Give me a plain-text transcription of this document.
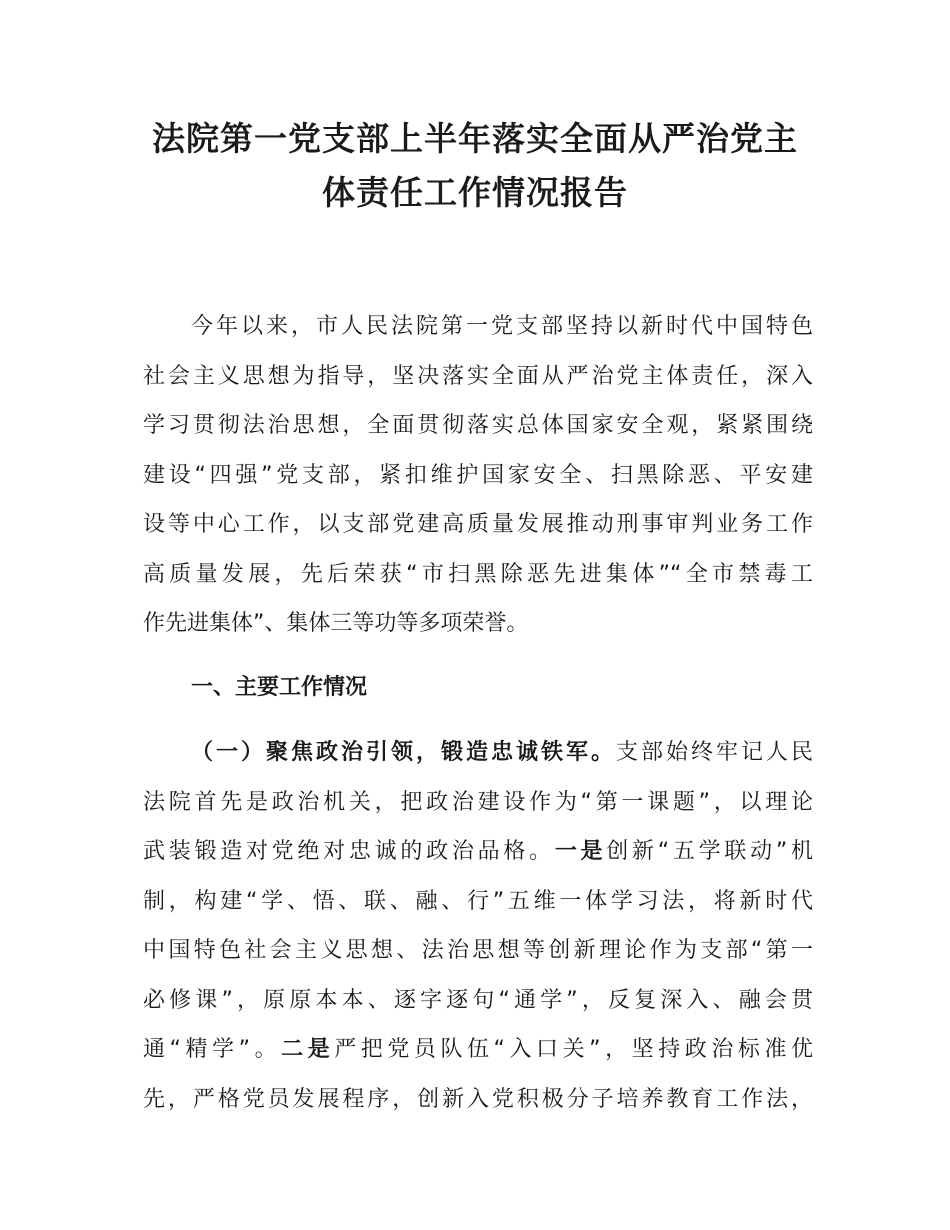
法院第一党支部上半年落实全面从严治党主
体责任工作情况报告
今年以来，市人民法院第一党支部坚持以新时代中国特色
社会主义思想为指导，坚决落实全面从严治党主体责任，深入
学习贯彻法治思想，全面贯彻落实总体国家安全观，紧紧围绕
建设“四强”党支部，紧扣维护国家安全、扫黑除恶、平安建
设等中心工作，以支部党建高质量发展推动刑事审判业务工作
高质量发展，先后荣获“市扫黑除恶先进集体”“全市禁毒工
作先进集体”、集体三等功等多项荣誉。
一、主要工作情况
（一）聚焦政治引领，锻造忠诚铁军。支部始终牢记人民
法院首先是政治机关，把政治建设作为“第一课题”，以理论
武装锻造对党绝对忠诚的政治品格。一是创新“五学联动”机
制，构建“学、悟、联、融、行”五维一体学习法，将新时代
中国特色社会主义思想、法治思想等创新理论作为支部“第一
必修课”，原原本本、逐字逐句“通学”，反复深入、融会贯
通“精学”。二是严把党员队伍“入口关”，坚持政治标准优
先，严格党员发展程序，创新入党积极分子培养教育工作法，
